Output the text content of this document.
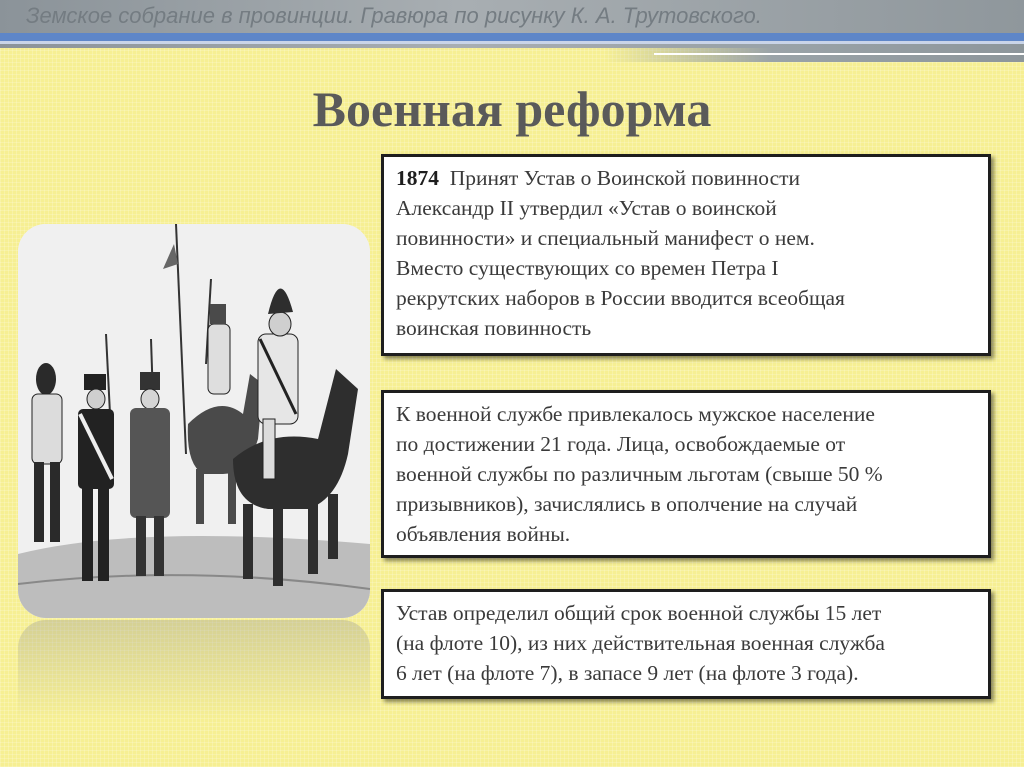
Земское собрание в провинции. Гравюра по рисунку К. А. Трутовского.
Военная реформа
1874 Принят Устав о Воинской повинности
Александр II утвердил «Устав о воинской
повинности» и специальный манифест о нем.
Вместо существующих со времен Петра I
рекрутских наборов в России вводится всеобщая
воинская повинность
К военной службе привлекалось мужское население
по достижении 21 года. Лица, освобождаемые от
военной службы по различным льготам (свыше 50 %
призывников), зачислялись в ополчение на случай
объявления войны.
Устав определил общий срок военной службы 15 лет
(на флоте 10), из них действительная военная служба
6 лет (на флоте 7), в запасе 9 лет (на флоте 3 года).
